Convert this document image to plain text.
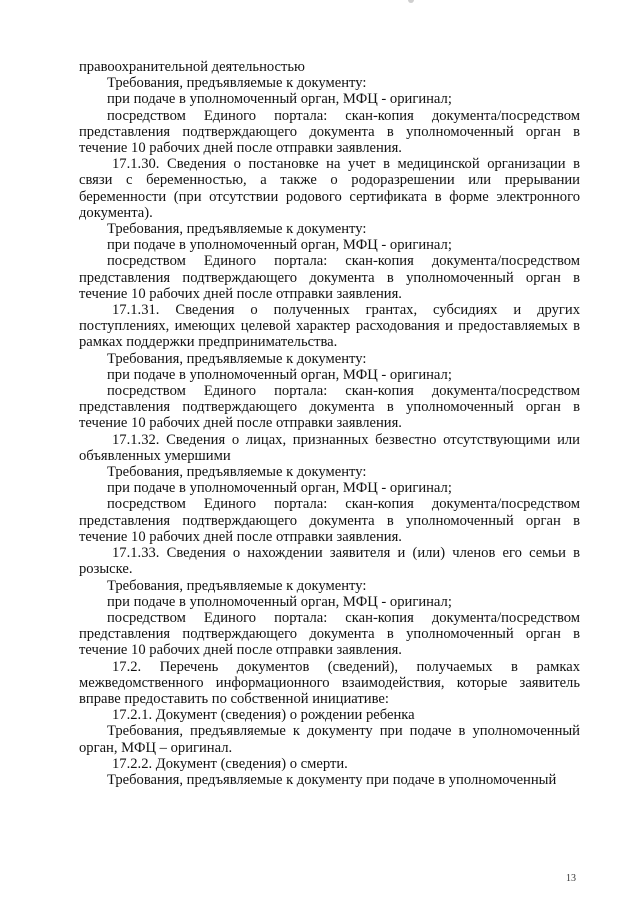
правоохранительной деятельностью

Требования, предъявляемые к документу:

при подаче в уполномоченный орган, МФЦ - оригинал;

посредством Единого портала: скан-копия документа/посредством представления подтверждающего документа в уполномоченный орган в течение 10 рабочих дней после отправки заявления.

17.1.30. Сведения о постановке на учет в медицинской организации в связи с беременностью, а также о родоразрешении или прерывании беременности (при отсутствии родового сертификата в форме электронного документа).

Требования, предъявляемые к документу:

при подаче в уполномоченный орган, МФЦ - оригинал;

посредством Единого портала: скан-копия документа/посредством представления подтверждающего документа в уполномоченный орган в течение 10 рабочих дней после отправки заявления.

17.1.31. Сведения о полученных грантах, субсидиях и других поступлениях, имеющих целевой характер расходования и предоставляемых в рамках поддержки предпринимательства.

Требования, предъявляемые к документу:

при подаче в уполномоченный орган, МФЦ - оригинал;

посредством Единого портала: скан-копия документа/посредством представления подтверждающего документа в уполномоченный орган в течение 10 рабочих дней после отправки заявления.

17.1.32. Сведения о лицах, признанных безвестно отсутствующими или объявленных умершими

Требования, предъявляемые к документу:

при подаче в уполномоченный орган, МФЦ - оригинал;

посредством Единого портала: скан-копия документа/посредством представления подтверждающего документа в уполномоченный орган в течение 10 рабочих дней после отправки заявления.

17.1.33. Сведения о нахождении заявителя и (или) членов его семьи в розыске.

Требования, предъявляемые к документу:

при подаче в уполномоченный орган, МФЦ - оригинал;

посредством Единого портала: скан-копия документа/посредством представления подтверждающего документа в уполномоченный орган в течение 10 рабочих дней после отправки заявления.

17.2. Перечень документов (сведений), получаемых в рамках межведомственного информационного взаимодействия, которые заявитель вправе предоставить по собственной инициативе:

17.2.1. Документ (сведения) о рождении ребенка

Требования, предъявляемые к документу при подаче в уполномоченный орган, МФЦ – оригинал.

17.2.2. Документ (сведения) о смерти.

Требования, предъявляемые к документу при подаче в уполномоченный

13
